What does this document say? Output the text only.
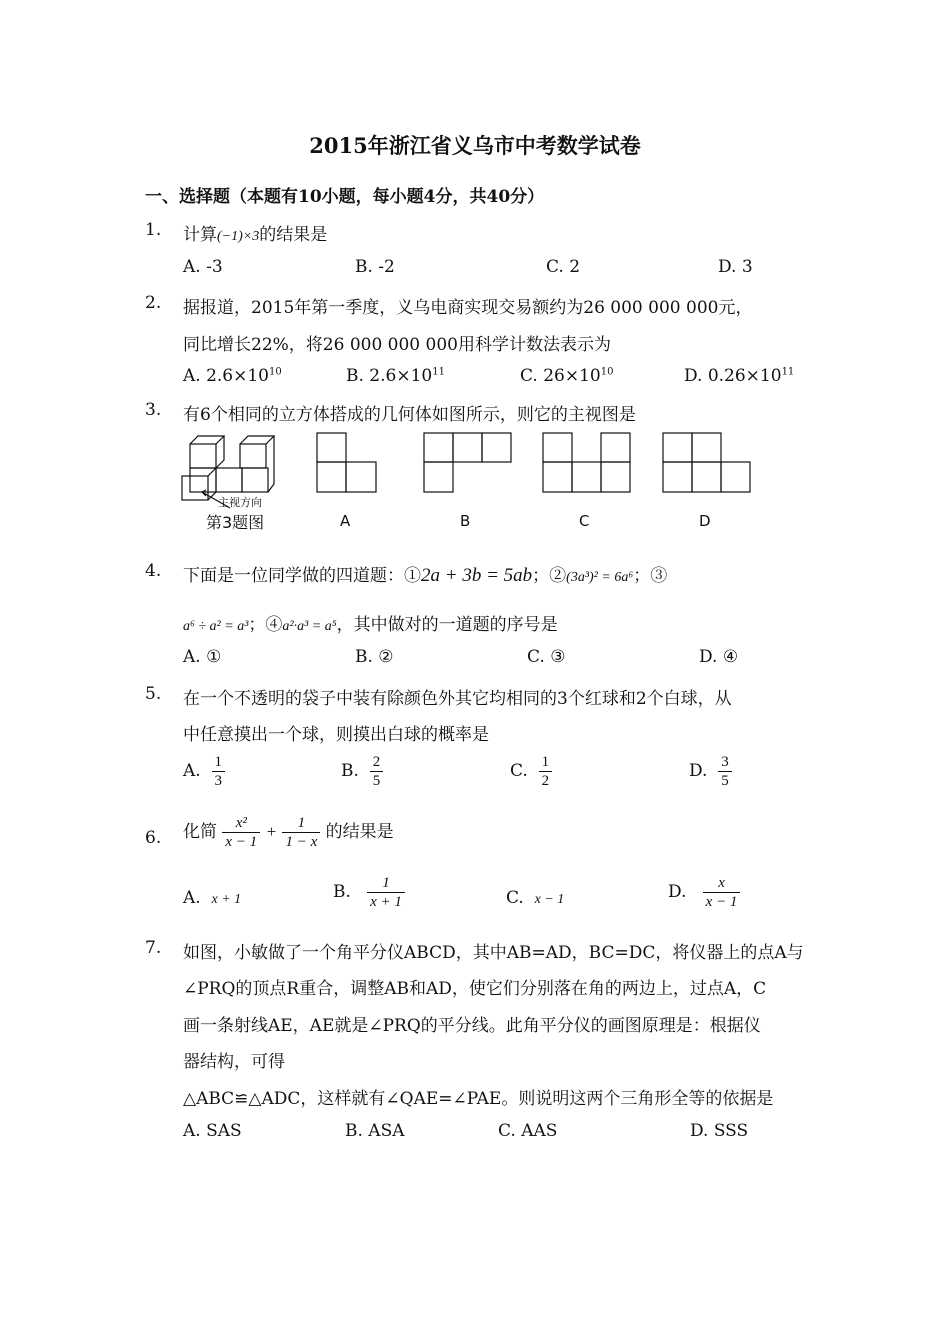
2015年浙江省义乌市中考数学试卷
一、选择题（本题有10小题，每小题4分，共40分）
1. 计算(−1)×3的结果是
A. -3	B. -2	C. 2	D. 3
2. 据报道，2015年第一季度，义乌电商实现交易额约为26 000 000 000元，
同比增长22%，将26 000 000 000用科学计数法表示为
A. $2.6\times 10^{10}$	B. $2.6\times 10^{11}$	C. $26\times 10^{10}$	D. $0.26\times 10^{11}$
3. 有6个相同的立方体搭成的几何体如图所示，则它的主视图是
主视方向
第3题图	A	B	C	D
4. 下面是一位同学做的四道题：①2a + 3b = 5ab；②(3a³)² = 6a⁶；③
a⁶ ÷ a² = a³；④a²·a³ = a⁵，其中做对的一道题的序号是
A. ①	B. ②	C. ③	D. ④
5. 在一个不透明的袋子中装有除颜色外其它均相同的3个红球和2个白球，从
中任意摸出一个球，则摸出白球的概率是
A. $\frac{1}{3}$	B. $\frac{2}{5}$	C. $\frac{1}{2}$	D. $\frac{3}{5}$
6. 化简 $\frac{\text{x²}}{x - 1} + \frac{1}{1 - x}$ 的结果是
A. x + 1	B. $\frac{1}{x + 1}$	C. x − 1	D. $\frac{x}{x - 1}$
7. 如图，小敏做了一个角平分仪ABCD，其中AB=AD，BC=DC，将仪器上的点A与
∠PRQ的顶点R重合，调整AB和AD，使它们分别落在角的两边上，过点A，C
画一条射线AE，AE就是∠PRQ的平分线。此角平分仪的画图原理是：根据仪
器结构，可得
△ABC≌△ADC，这样就有∠QAE=∠PAE。则说明这两个三角形全等的依据是
A. SAS	B. ASA	C. AAS	D. SSS
